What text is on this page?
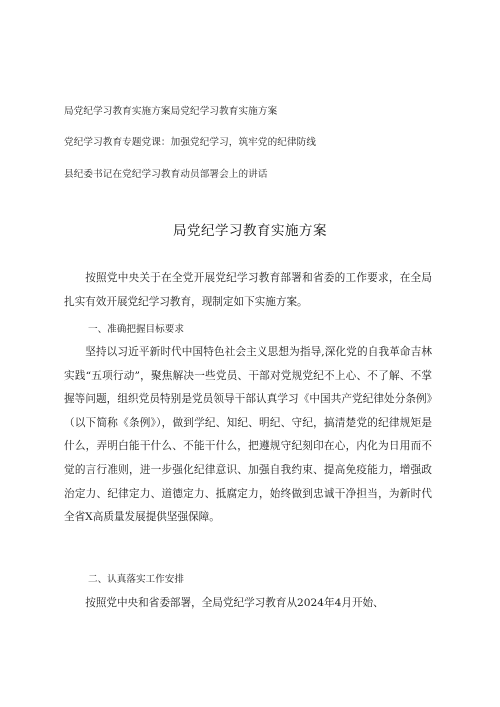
局党纪学习教育实施方案局党纪学习教育实施方案
党纪学习教育专题党课：加强党纪学习，筑牢党的纪律防线
县纪委书记在党纪学习教育动员部署会上的讲话
局党纪学习教育实施方案

按照党中央关于在全党开展党纪学习教育部署和省委的工作要求，在全局扎实有效开展党纪学习教育，现制定如下实施方案。

一、准确把握目标要求

坚持以习近平新时代中国特色社会主义思想为指导,深化党的自我革命吉林实践“五项行动”，聚焦解决一些党员、干部对党规党纪不上心、不了解、不掌握等问题，组织党员特别是党员领导干部认真学习《中国共产党纪律处分条例》（以下简称《条例》），做到学纪、知纪、明纪、守纪，搞清楚党的纪律规矩是什么，弄明白能干什么、不能干什么，把遵规守纪刻印在心，内化为日用而不觉的言行准则，进一步强化纪律意识、加强自我约束、提高免疫能力，增强政治定力、纪律定力、道德定力、抵腐定力，始终做到忠诚干净担当，为新时代全省X高质量发展提供坚强保障。

二、认真落实工作安排

按照党中央和省委部署，全局党纪学习教育从2024年4月开始、
